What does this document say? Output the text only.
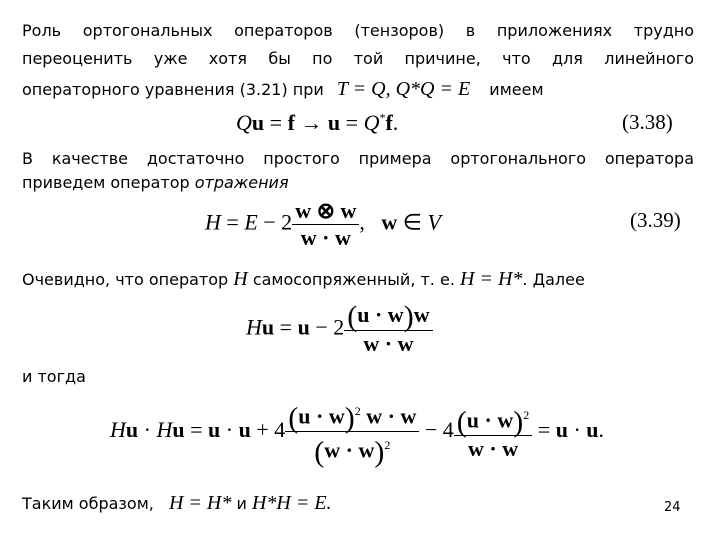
Роль ортогональных операторов (тензоров) в приложениях трудно
переоценить уже хотя бы по той причине, что для линейного
операторного уравнения (3.21) при T = Q, Q*Q = E имеем
Qu = f → u = Q*f.	(3.38)
В качестве достаточно простого примера ортогонального оператора
приведем оператор отражения
$H = E - 2 \frac{w \otimes w}{w \cdot w}$ ,   w ∈ V	(3.39)
Очевидно, что оператор H самосопряженный, т. е. H = H*. Далее
$Hu = u - 2 \frac{(u \cdot w)w}{w \cdot w}$
и тогда
$Hu \cdot Hu = u \cdot u + 4 \frac{(u \cdot w)^2 w \cdot w}{(w \cdot w)^2} - 4 \frac{(u \cdot w)^2}{w \cdot w} = u \cdot u$.
Таким образом, H = H* и H*H = E.	24
